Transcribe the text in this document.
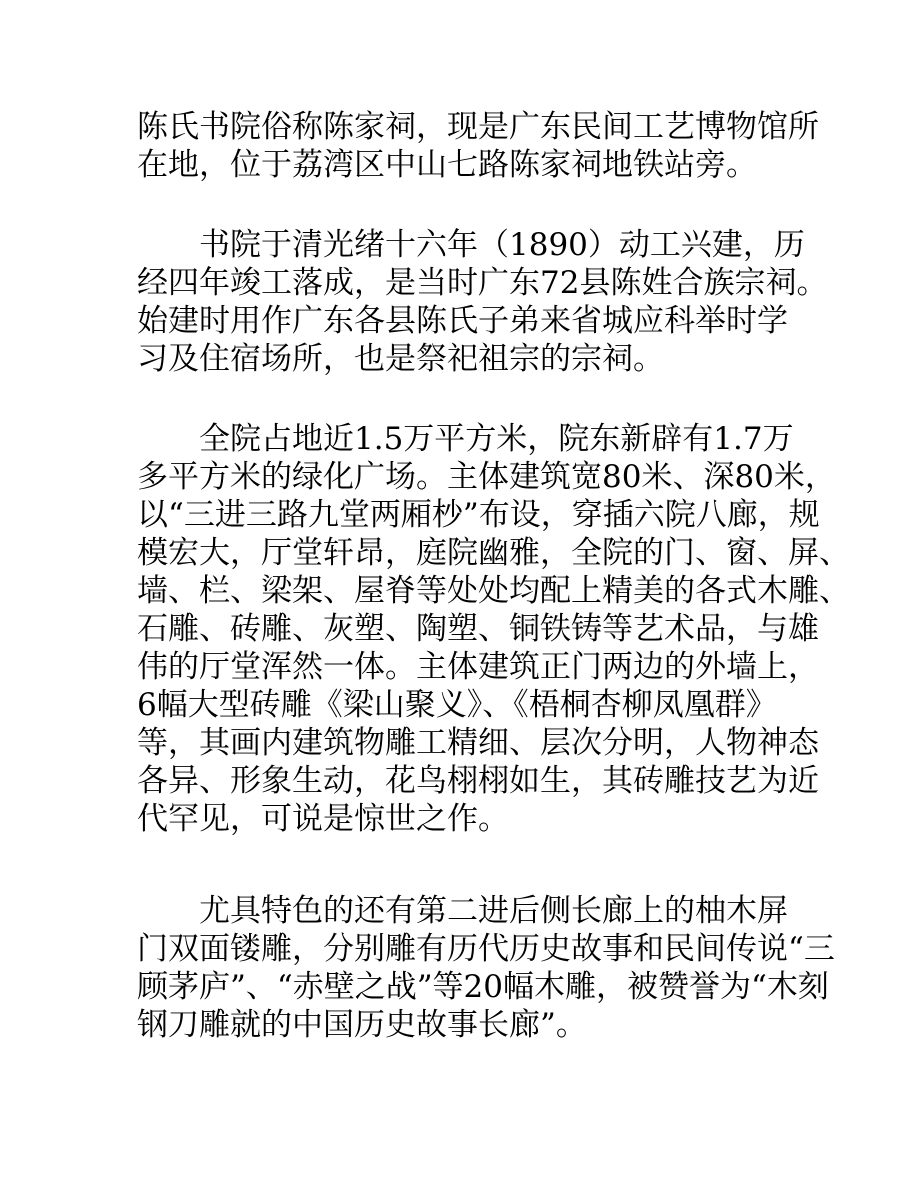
陈氏书院俗称陈家祠，现是广东民间工艺博物馆所
在地，位于荔湾区中山七路陈家祠地铁站旁。
　　书院于清光绪十六年（1890）动工兴建，历
经四年竣工落成，是当时广东72县陈姓合族宗祠。
始建时用作广东各县陈氏子弟来省城应科举时学
习及住宿场所，也是祭祀祖宗的宗祠。
　　全院占地近1.5万平方米，院东新辟有1.7万
多平方米的绿化广场。主体建筑宽80米、深80米，
以“三进三路九堂两厢杪”布设，穿插六院八廊，规
模宏大，厅堂轩昂，庭院幽雅，全院的门、窗、屏、
墙、栏、梁架、屋脊等处处均配上精美的各式木雕、
石雕、砖雕、灰塑、陶塑、铜铁铸等艺术品，与雄
伟的厅堂浑然一体。主体建筑正门两边的外墙上，
6幅大型砖雕《梁山聚义》、《梧桐杏柳凤凰群》
等，其画内建筑物雕工精细、层次分明，人物神态
各异、形象生动，花鸟栩栩如生，其砖雕技艺为近
代罕见，可说是惊世之作。
　　尤具特色的还有第二进后侧长廊上的柚木屏
门双面镂雕，分别雕有历代历史故事和民间传说“三
顾茅庐”、“赤壁之战”等20幅木雕，被赞誉为“木刻
钢刀雕就的中国历史故事长廊”。
